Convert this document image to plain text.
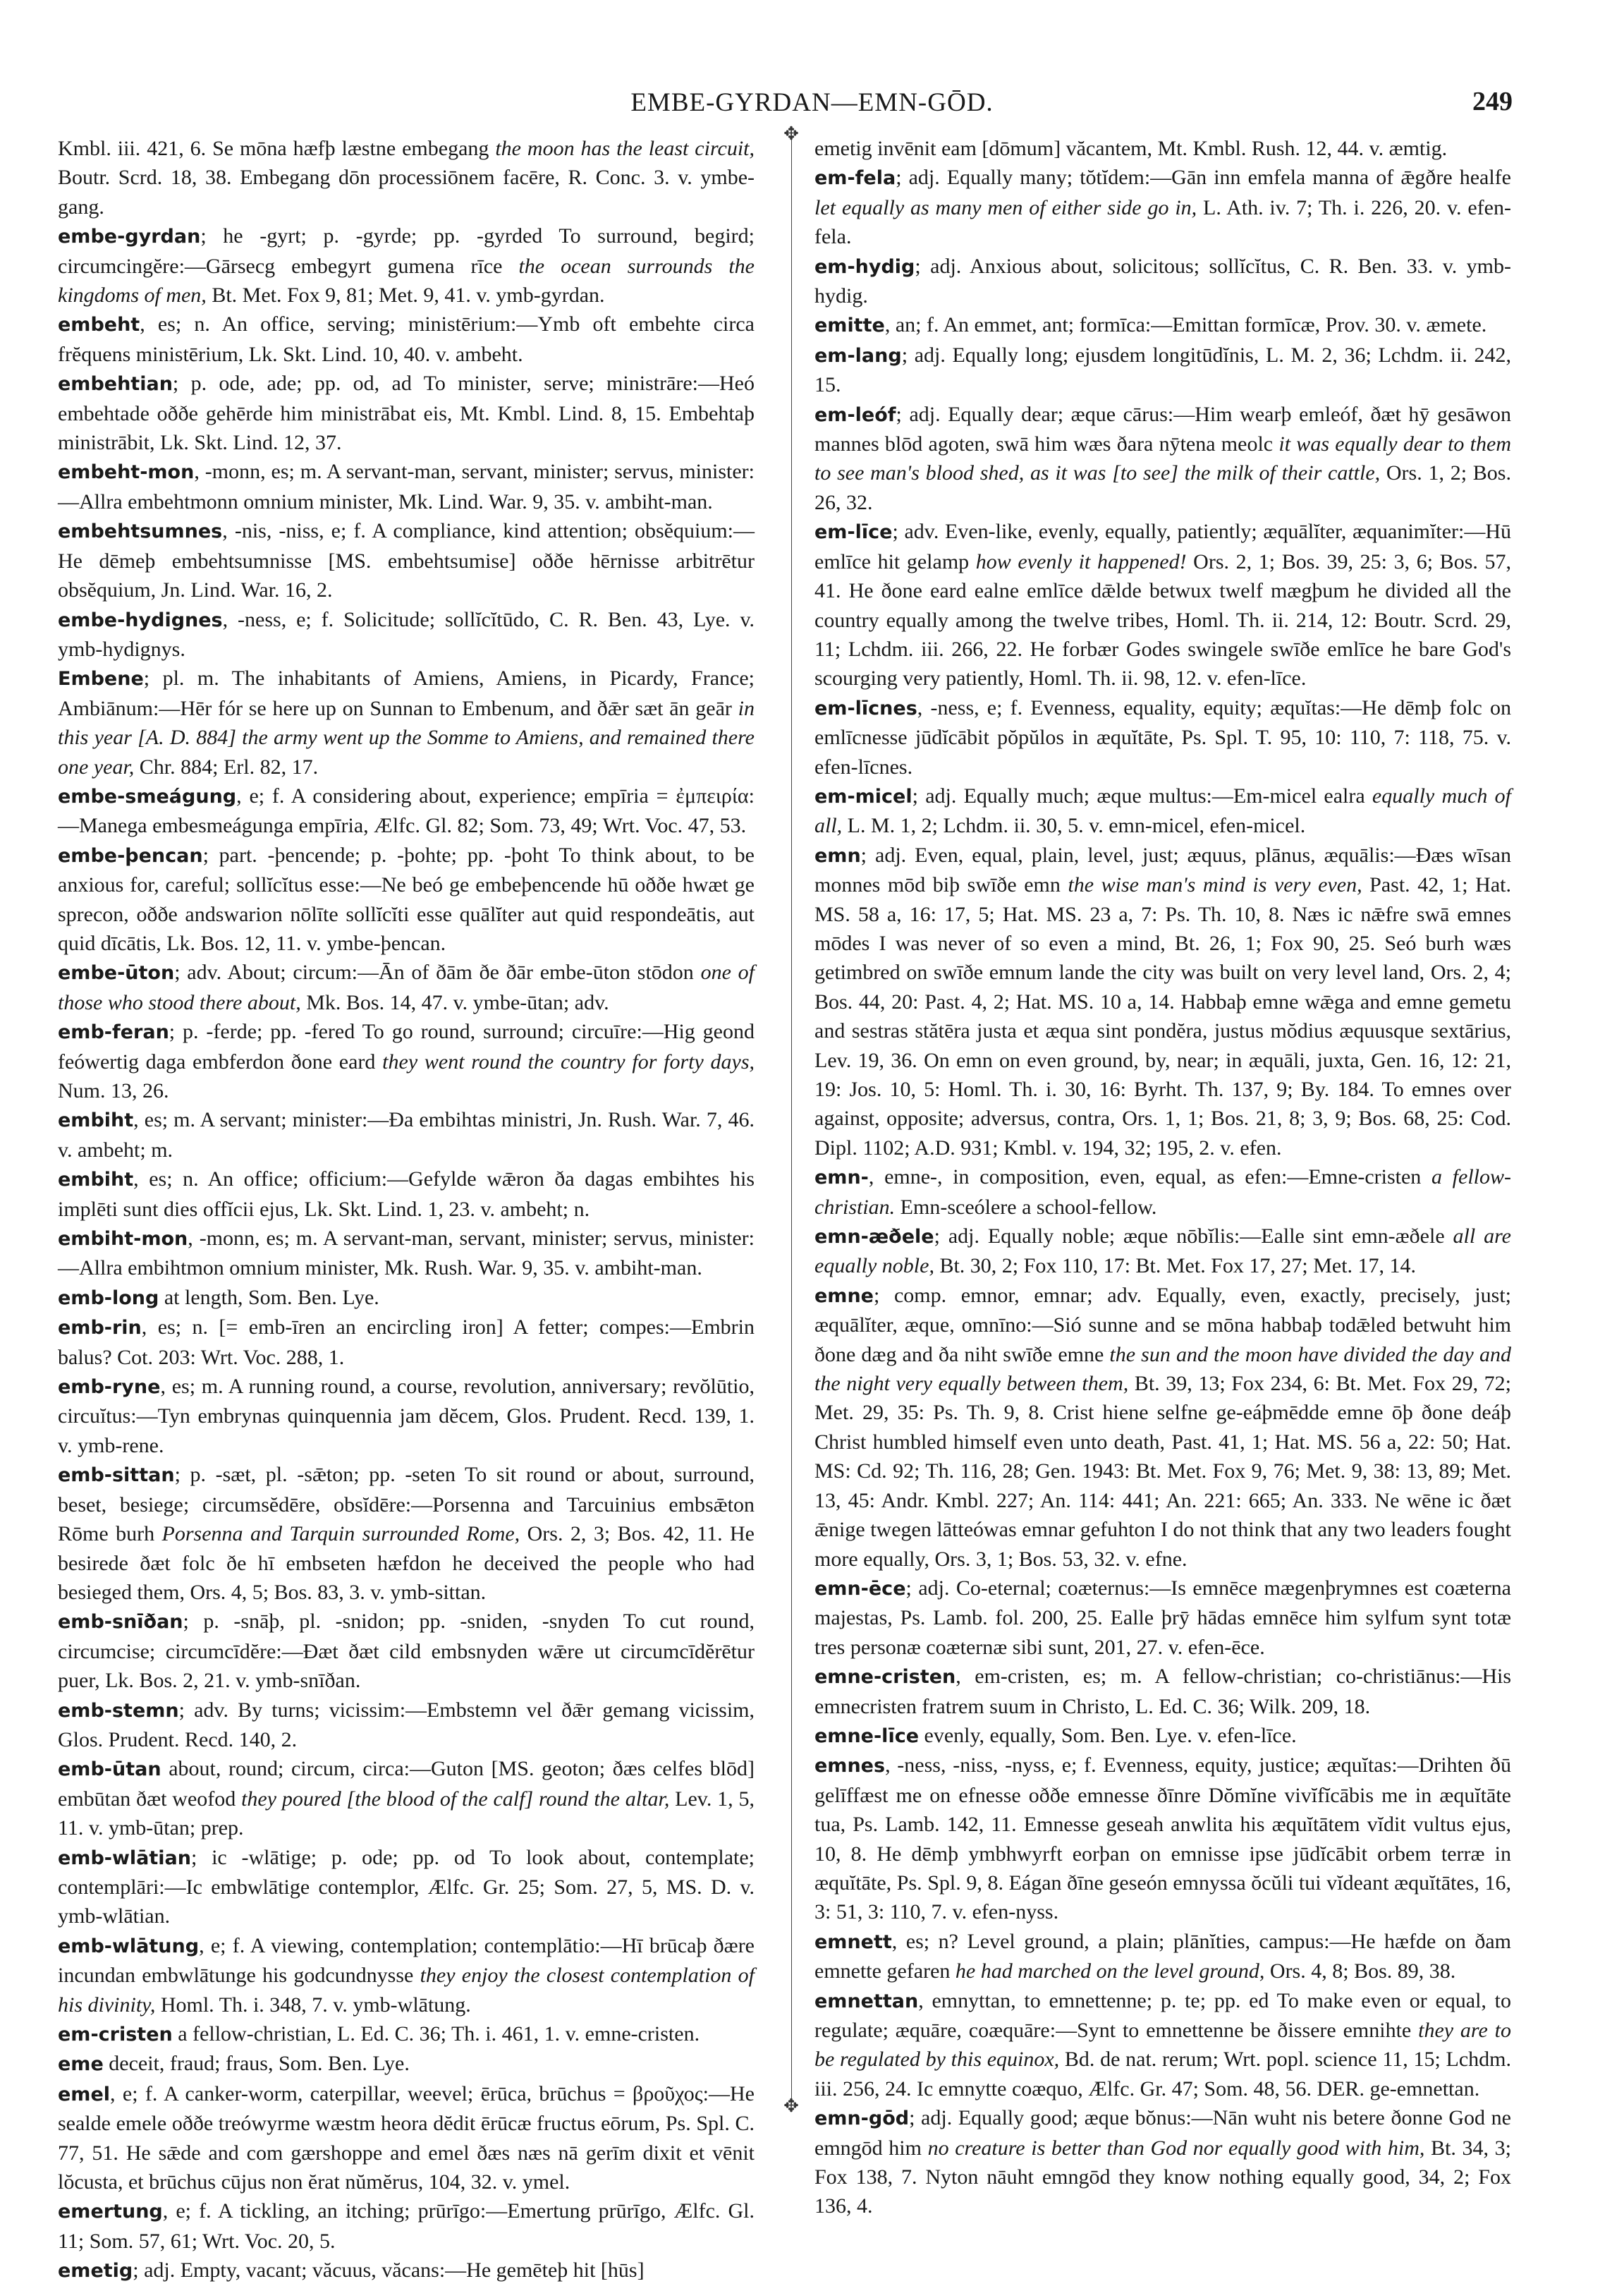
EMBE-GYRDAN—EMN-GŌD.	249
✥
✥

Kmbl. iii. 421, 6. Se mōna hæfþ læstne embegang the moon has the least circuit, Boutr. Scrd. 18, 38. Embegang dōn processiōnem facēre, R. Conc. 3. v. ymbe-gang.

embe-gyrdan; he -gyrt; p. -gyrde; pp. -gyrded To surround, begird; circumcingĕre:—Gārsecg embegyrt gumena rīce the ocean surrounds the kingdoms of men, Bt. Met. Fox 9, 81; Met. 9, 41. v. ymb-gyrdan.

embeht, es; n. An office, serving; ministērium:—Ymb oft embehte circa frĕquens ministērium, Lk. Skt. Lind. 10, 40. v. ambeht.

embehtian; p. ode, ade; pp. od, ad To minister, serve; ministrāre:—Heó embehtade oððe gehērde him ministrābat eis, Mt. Kmbl. Lind. 8, 15. Embehtaþ ministrābit, Lk. Skt. Lind. 12, 37.

embeht-mon, -monn, es; m. A servant-man, servant, minister; servus, minister:—Allra embehtmonn omnium minister, Mk. Lind. War. 9, 35. v. ambiht-man.

embehtsumnes, -nis, -niss, e; f. A compliance, kind attention; obsĕquium:—He dēmeþ embehtsumnisse [MS. embehtsumise] oððe hērnisse arbitrētur obsĕquium, Jn. Lind. War. 16, 2.

embe-hydignes, -ness, e; f. Solicitude; sollĭcĭtūdo, C. R. Ben. 43, Lye. v. ymb-hydignys.

Embene; pl. m. The inhabitants of Amiens, Amiens, in Picardy, France; Ambiānum:—Hēr fór se here up on Sunnan to Embenum, and ðǣr sæt ān geār in this year [A. D. 884] the army went up the Somme to Amiens, and remained there one year, Chr. 884; Erl. 82, 17.

embe-smeágung, e; f. A considering about, experience; empīria = ἐμπειρία:—Manega embesmeágunga empīria, Ælfc. Gl. 82; Som. 73, 49; Wrt. Voc. 47, 53.

embe-þencan; part. -þencende; p. -þohte; pp. -þoht To think about, to be anxious for, careful; sollĭcĭtus esse:—Ne beó ge embeþencende hū oððe hwæt ge sprecon, oððe andswarion nōlīte sollĭcĭti esse quālĭter aut quid respondeātis, aut quid dīcātis, Lk. Bos. 12, 11. v. ymbe-þencan.

embe-ūton; adv. About; circum:—Ān of ðām ðe ðār embe-ūton stōdon one of those who stood there about, Mk. Bos. 14, 47. v. ymbe-ūtan; adv.

emb-feran; p. -ferde; pp. -fered To go round, surround; circuīre:—Hig geond feówertig daga embferdon ðone eard they went round the country for forty days, Num. 13, 26.

embiht, es; m. A servant; minister:—Ða embihtas ministri, Jn. Rush. War. 7, 46. v. ambeht; m.

embiht, es; n. An office; officium:—Gefylde wǣron ða dagas embihtes his implēti sunt dies offĭcii ejus, Lk. Skt. Lind. 1, 23. v. ambeht; n.

embiht-mon, -monn, es; m. A servant-man, servant, minister; servus, minister:—Allra embihtmon omnium minister, Mk. Rush. War. 9, 35. v. ambiht-man.

emb-long at length, Som. Ben. Lye.

emb-rin, es; n. [= emb-īren an encircling iron] A fetter; compes:—Embrin balus? Cot. 203: Wrt. Voc. 288, 1.

emb-ryne, es; m. A running round, a course, revolution, anniversary; revŏlūtio, circuĭtus:—Tyn embrynas quinquennia jam dĕcem, Glos. Prudent. Recd. 139, 1. v. ymb-rene.

emb-sittan; p. -sæt, pl. -sǣton; pp. -seten To sit round or about, surround, beset, besiege; circumsĕdēre, obsĭdēre:—Porsenna and Tarcuinius embsǣton Rōme burh Porsenna and Tarquin surrounded Rome, Ors. 2, 3; Bos. 42, 11. He besirede ðæt folc ðe hī embseten hæfdon he deceived the people who had besieged them, Ors. 4, 5; Bos. 83, 3. v. ymb-sittan.

emb-snīðan; p. -snāþ, pl. -snidon; pp. -sniden, -snyden To cut round, circumcise; circumcīdĕre:—Ðæt ðæt cild embsnyden wǣre ut circumcīdĕrētur puer, Lk. Bos. 2, 21. v. ymb-snīðan.

emb-stemn; adv. By turns; vicissim:—Embstemn vel ðǣr gemang vicissim, Glos. Prudent. Recd. 140, 2.

emb-ūtan about, round; circum, circa:—Guton [MS. geoton; ðæs celfes blōd] embūtan ðæt weofod they poured [the blood of the calf] round the altar, Lev. 1, 5, 11. v. ymb-ūtan; prep.

emb-wlātian; ic -wlātige; p. ode; pp. od To look about, contemplate; contemplāri:—Ic embwlātige contemplor, Ælfc. Gr. 25; Som. 27, 5, MS. D. v. ymb-wlātian.

emb-wlātung, e; f. A viewing, contemplation; contemplātio:—Hī brūcaþ ðære incundan embwlātunge his godcundnysse they enjoy the closest contemplation of his divinity, Homl. Th. i. 348, 7. v. ymb-wlātung.

em-cristen a fellow-christian, L. Ed. C. 36; Th. i. 461, 1. v. emne-cristen.

eme deceit, fraud; fraus, Som. Ben. Lye.

emel, e; f. A canker-worm, caterpillar, weevel; ērūca, brūchus = βροῦχος:—He sealde emele oððe treówyrme wæstm heora dĕdit ērūcæ fructus eōrum, Ps. Spl. C. 77, 51. He sǣde and com gærshoppe and emel ðæs næs nā gerīm dixit et vēnit lŏcusta, et brūchus cūjus non ĕrat nŭmĕrus, 104, 32. v. ymel.

emertung, e; f. A tickling, an itching; prūrīgo:—Emertung prūrīgo, Ælfc. Gl. 11; Som. 57, 61; Wrt. Voc. 20, 5.

emetig; adj. Empty, vacant; văcuus, văcans:—He gemēteþ hit [hūs]

emetig invēnit eam [dōmum] văcantem, Mt. Kmbl. Rush. 12, 44. v. æmtig.

em-fela; adj. Equally many; tŏtĭdem:—Gān inn emfela manna of ǣgðre healfe let equally as many men of either side go in, L. Ath. iv. 7; Th. i. 226, 20. v. efen-fela.

em-hydig; adj. Anxious about, solicitous; sollĭcĭtus, C. R. Ben. 33. v. ymb-hydig.

emitte, an; f. An emmet, ant; formīca:—Emittan formīcæ, Prov. 30. v. æmete.

em-lang; adj. Equally long; ejusdem longitūdĭnis, L. M. 2, 36; Lchdm. ii. 242, 15.

em-leóf; adj. Equally dear; æque cārus:—Him wearþ emleóf, ðæt hȳ gesāwon mannes blōd agoten, swā him wæs ðara nȳtena meolc it was equally dear to them to see man's blood shed, as it was [to see] the milk of their cattle, Ors. 1, 2; Bos. 26, 32.

em-līce; adv. Even-like, evenly, equally, patiently; æquālĭter, æquanimĭter:—Hū emlīce hit gelamp how evenly it happened! Ors. 2, 1; Bos. 39, 25: 3, 6; Bos. 57, 41. He ðone eard ealne emlīce dǣlde betwux twelf mægþum he divided all the country equally among the twelve tribes, Homl. Th. ii. 214, 12: Boutr. Scrd. 29, 11; Lchdm. iii. 266, 22. He forbær Godes swingele swīðe emlīce he bare God's scourging very patiently, Homl. Th. ii. 98, 12. v. efen-līce.

em-līcnes, -ness, e; f. Evenness, equality, equity; æquĭtas:—He dēmþ folc on emlīcnesse jūdĭcābit pŏpŭlos in æquĭtāte, Ps. Spl. T. 95, 10: 110, 7: 118, 75. v. efen-līcnes.

em-micel; adj. Equally much; æque multus:—Em-micel ealra equally much of all, L. M. 1, 2; Lchdm. ii. 30, 5. v. emn-micel, efen-micel.

emn; adj. Even, equal, plain, level, just; æquus, plānus, æquālis:—Ðæs wīsan monnes mōd biþ swīðe emn the wise man's mind is very even, Past. 42, 1; Hat. MS. 58 a, 16: 17, 5; Hat. MS. 23 a, 7: Ps. Th. 10, 8. Næs ic nǣfre swā emnes mōdes I was never of so even a mind, Bt. 26, 1; Fox 90, 25. Seó burh wæs getimbred on swīðe emnum lande the city was built on very level land, Ors. 2, 4; Bos. 44, 20: Past. 4, 2; Hat. MS. 10 a, 14. Habbaþ emne wǣga and emne gemetu and sestras stătēra justa et æqua sint pondĕra, justus mŏdius æquusque sextārius, Lev. 19, 36. On emn on even ground, by, near; in æquāli, juxta, Gen. 16, 12: 21, 19: Jos. 10, 5: Homl. Th. i. 30, 16: Byrht. Th. 137, 9; By. 184. To emnes over against, opposite; adversus, contra, Ors. 1, 1; Bos. 21, 8; 3, 9; Bos. 68, 25: Cod. Dipl. 1102; A.D. 931; Kmbl. v. 194, 32; 195, 2. v. efen.

emn-, emne-, in composition, even, equal, as efen:—Emne-cristen a fellow-christian. Emn-sceólere a school-fellow.

emn-æðele; adj. Equally noble; æque nōbĭlis:—Ealle sint emn-æðele all are equally noble, Bt. 30, 2; Fox 110, 17: Bt. Met. Fox 17, 27; Met. 17, 14.

emne; comp. emnor, emnar; adv. Equally, even, exactly, precisely, just; æquālĭter, æque, omnīno:—Sió sunne and se mōna habbaþ todǣled betwuht him ðone dæg and ða niht swīðe emne the sun and the moon have divided the day and the night very equally between them, Bt. 39, 13; Fox 234, 6: Bt. Met. Fox 29, 72; Met. 29, 35: Ps. Th. 9, 8. Crist hiene selfne ge-eáþmēdde emne ōþ ðone deáþ Christ humbled himself even unto death, Past. 41, 1; Hat. MS. 56 a, 22: 50; Hat. MS: Cd. 92; Th. 116, 28; Gen. 1943: Bt. Met. Fox 9, 76; Met. 9, 38: 13, 89; Met. 13, 45: Andr. Kmbl. 227; An. 114: 441; An. 221: 665; An. 333. Ne wēne ic ðæt ǣnige twegen lātteówas emnar gefuhton I do not think that any two leaders fought more equally, Ors. 3, 1; Bos. 53, 32. v. efne.

emn-ēce; adj. Co-eternal; coæternus:—Is emnēce mægenþrymnes est coæterna majestas, Ps. Lamb. fol. 200, 25. Ealle þrȳ hādas emnēce him sylfum synt totæ tres personæ coæternæ sibi sunt, 201, 27. v. efen-ēce.

emne-cristen, em-cristen, es; m. A fellow-christian; co-christiānus:—His emnecristen fratrem suum in Christo, L. Ed. C. 36; Wilk. 209, 18.

emne-līce evenly, equally, Som. Ben. Lye. v. efen-līce.

emnes, -ness, -niss, -nyss, e; f. Evenness, equity, justice; æquĭtas:—Drihten ðū gelīffæst me on efnesse oððe emnesse ðīnre Dŏmĭne vivĭfĭcābis me in æquĭtāte tua, Ps. Lamb. 142, 11. Emnesse geseah anwlita his æquĭtātem vĭdit vultus ejus, 10, 8. He dēmþ ymbhwyrft eorþan on emnisse ipse jūdĭcābit orbem terræ in æquĭtāte, Ps. Spl. 9, 8. Eágan ðīne geseón emnyssa ŏcŭli tui vĭdeant æquĭtātes, 16, 3: 51, 3: 110, 7. v. efen-nyss.

emnett, es; n? Level ground, a plain; plānĭties, campus:—He hæfde on ðam emnette gefaren he had marched on the level ground, Ors. 4, 8; Bos. 89, 38.

emnettan, emnyttan, to emnettenne; p. te; pp. ed To make even or equal, to regulate; æquāre, coæquāre:—Synt to emnettenne be ðissere emnihte they are to be regulated by this equinox, Bd. de nat. rerum; Wrt. popl. science 11, 15; Lchdm. iii. 256, 24. Ic emnytte coæquo, Ælfc. Gr. 47; Som. 48, 56. DER. ge-emnettan.

emn-gōd; adj. Equally good; æque bŏnus:—Nān wuht nis betere ðonne God ne emngōd him no creature is better than God nor equally good with him, Bt. 34, 3; Fox 138, 7. Nyton nāuht emngōd they know nothing equally good, 34, 2; Fox 136, 4.
